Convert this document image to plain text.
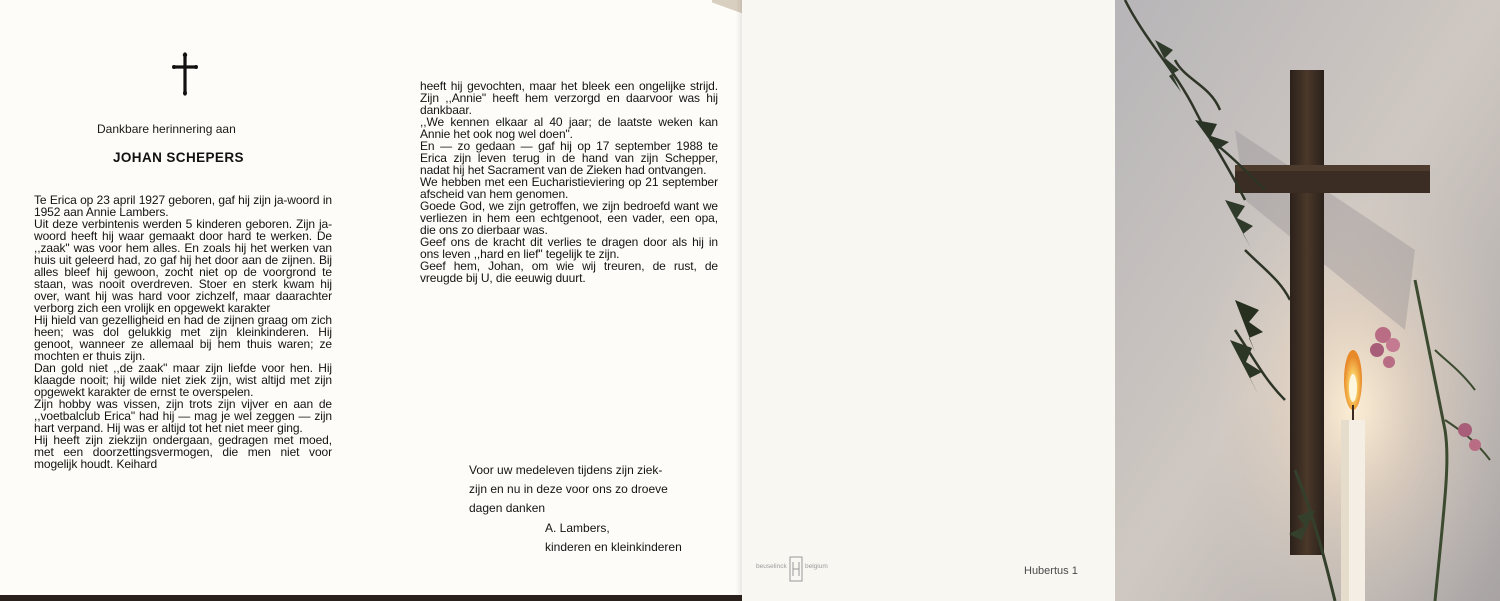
Dankbare herinnering aan

JOHAN SCHEPERS

Te Erica op 23 april 1927 geboren, gaf hij zijn ja-woord in 1952 aan Annie Lambers.

Uit deze verbintenis werden 5 kinderen geboren. Zijn ja-woord heeft hij waar gemaakt door hard te werken. De ,,zaak" was voor hem alles. En zoals hij het werken van huis uit geleerd had, zo gaf hij het door aan de zijnen. Bij alles bleef hij gewoon, zocht niet op de voorgrond te staan, was nooit overdreven. Stoer en sterk kwam hij over, want hij was hard voor zichzelf, maar daarachter verborg zich een vrolijk en opgewekt karakter

Hij hield van gezelligheid en had de zijnen graag om zich heen; was dol gelukkig met zijn kleinkinderen. Hij genoot, wanneer ze allemaal bij hem thuis waren; ze mochten er thuis zijn.

Dan gold niet ,,de zaak" maar zijn liefde voor hen. Hij klaagde nooit; hij wilde niet ziek zijn, wist altijd met zijn opgewekt karakter de ernst te overspelen.

Zijn hobby was vissen, zijn trots zijn vijver en aan de ,,voetbalclub Erica" had hij — mag je wel zeggen — zijn hart verpand. Hij was er altijd tot het niet meer ging.

Hij heeft zijn ziekzijn ondergaan, gedragen met moed, met een doorzettingsvermogen, die men niet voor mogelijk houdt. Keihard

heeft hij gevochten, maar het bleek een ongelijke strijd. Zijn ,,Annie" heeft hem verzorgd en daarvoor was hij dankbaar.

,,We kennen elkaar al 40 jaar; de laatste weken kan Annie het ook nog wel doen".

En — zo gedaan — gaf hij op 17 september 1988 te Erica zijn leven terug in de hand van zijn Schepper, nadat hij het Sacrament van de Zieken had ontvangen.

We hebben met een Eucharistieviering op 21 september afscheid van hem genomen.

Goede God, we zijn getroffen, we zijn bedroefd want we verliezen in hem een echtgenoot, een vader, een opa, die ons zo dierbaar was.

Geef ons de kracht dit verlies te dragen door als hij in ons leven ,,hard en lief" tegelijk te zijn.

Geef hem, Johan, om wie wij treuren, de rust, de vreugde bij U, die eeuwig duurt.

Voor uw medeleven tijdens zijn ziek-

zijn en nu in deze voor ons zo droeve

dagen danken

A. Lambers,

kinderen en kleinkinderen

beuselinck	belgium	Hubertus 1
